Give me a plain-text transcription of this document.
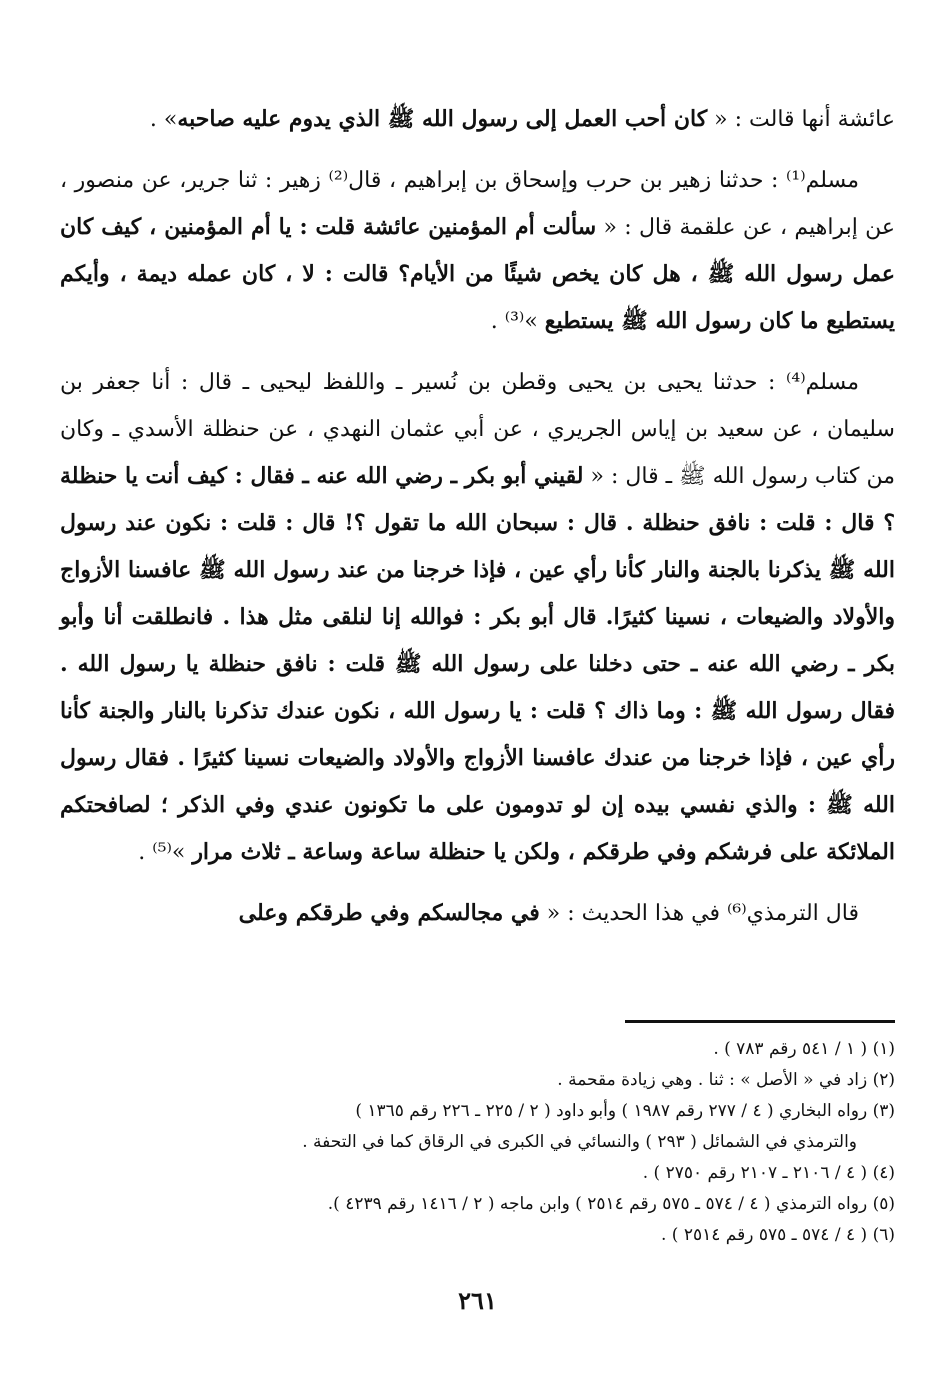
عائشة أنها قالت : « كان أحب العمل إلى رسول الله ﷺ الذي يدوم عليه صاحبه» .

مسلم⁽¹⁾ : حدثنا زهير بن حرب وإسحاق بن إبراهيم ، قال⁽²⁾ زهير : ثنا جرير، عن منصور ، عن إبراهيم ، عن علقمة قال : « سألت أم المؤمنين عائشة قلت : يا أم المؤمنين ، كيف كان عمل رسول الله ﷺ ، هل كان يخص شيئًا من الأيام؟ قالت : لا ، كان عمله ديمة ، وأيكم يستطيع ما كان رسول الله ﷺ يستطيع »⁽³⁾ .

مسلم⁽⁴⁾ : حدثنا يحيى بن يحيى وقطن بن نُسير ـ واللفظ ليحيى ـ قال : أنا جعفر بن سليمان ، عن سعيد بن إياس الجريري ، عن أبي عثمان النهدي ، عن حنظلة الأسدي ـ وكان من كتاب رسول الله ﷺ ـ قال : « لقيني أبو بكر ـ رضي الله عنه ـ فقال : كيف أنت يا حنظلة ؟ قال : قلت : نافق حنظلة . قال : سبحان الله ما تقول ؟! قال : قلت : نكون عند رسول الله ﷺ يذكرنا بالجنة والنار كأنا رأي عين ، فإذا خرجنا من عند رسول الله ﷺ عافسنا الأزواج والأولاد والضيعات ، نسينا كثيرًا. قال أبو بكر : فوالله إنا لنلقى مثل هذا . فانطلقت أنا وأبو بكر ـ رضي الله عنه ـ حتى دخلنا على رسول الله ﷺ قلت : نافق حنظلة يا رسول الله . فقال رسول الله ﷺ : وما ذاك ؟ قلت : يا رسول الله ، نكون عندك تذكرنا بالنار والجنة كأنا رأي عين ، فإذا خرجنا من عندك عافسنا الأزواج والأولاد والضيعات نسينا كثيرًا . فقال رسول الله ﷺ : والذي نفسي بيده إن لو تدومون على ما تكونون عندي وفي الذكر ؛ لصافحتكم الملائكة على فرشكم وفي طرقكم ، ولكن يا حنظلة ساعة وساعة ـ ثلاث مرار »⁽⁵⁾ .

قال الترمذي⁽⁶⁾ في هذا الحديث : « في مجالسكم وفي طرقكم وعلى

(١) ( ١ / ٥٤١ رقم ٧٨٣ ) .

(٢) زاد في « الأصل » : ثنا . وهي زيادة مقحمة .

(٣) رواه البخاري ( ٤ / ٢٧٧ رقم ١٩٨٧ ) وأبو داود ( ٢ / ٢٢٥ ـ ٢٢٦ رقم ١٣٦٥ )

والترمذي في الشمائل ( ٢٩٣ ) والنسائي في الكبرى في الرقاق كما في التحفة .

(٤) ( ٤ / ٢١٠٦ ـ ٢١٠٧ رقم ٢٧٥٠ ) .

(٥) رواه الترمذي ( ٤ / ٥٧٤ ـ ٥٧٥ رقم ٢٥١٤ ) وابن ماجه ( ٢ / ١٤١٦ رقم ٤٢٣٩ ).

(٦) ( ٤ / ٥٧٤ ـ ٥٧٥ رقم ٢٥١٤ ) .

٢٦١
